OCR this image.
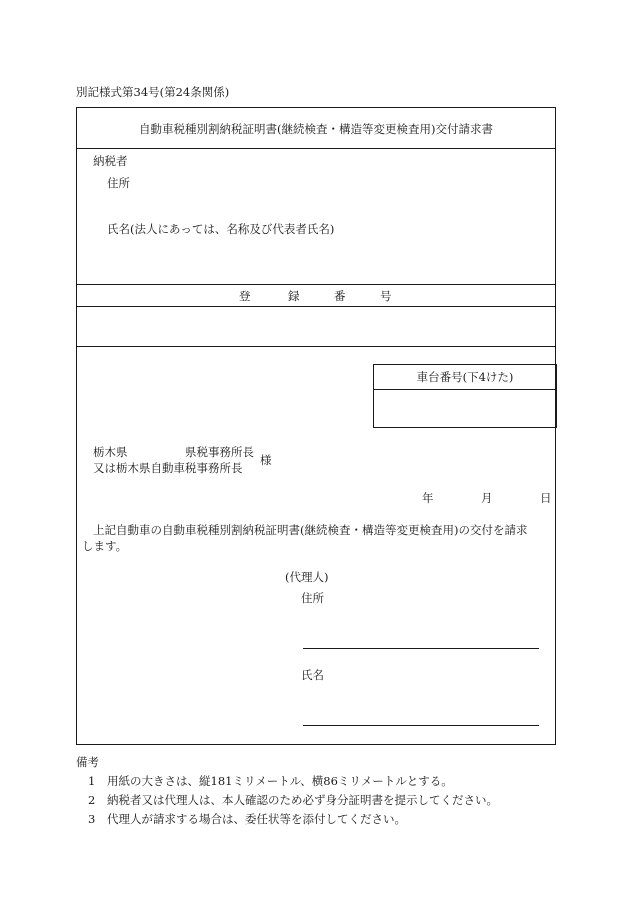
別記様式第34号(第24条関係)
自動車税種別割納税証明書(継続検査・構造等変更検査用)交付請求書
納税者
住所
氏名(法人にあっては、名称及び代表者氏名)
登	録	番	号
車台番号(下4けた)
栃木県　　　　　県税事務所長
又は栃木県自動車税事務所長
様
年	月	日
上記自動車の自動車税種別割納税証明書(継続検査・構造等変更検査用)の交付を請求
します。
(代理人)
住所
氏名
備考
1 用紙の大きさは、縦181ミリメートル、横86ミリメートルとする。
2 納税者又は代理人は、本人確認のため必ず身分証明書を提示してください。
3 代理人が請求する場合は、委任状等を添付してください。
